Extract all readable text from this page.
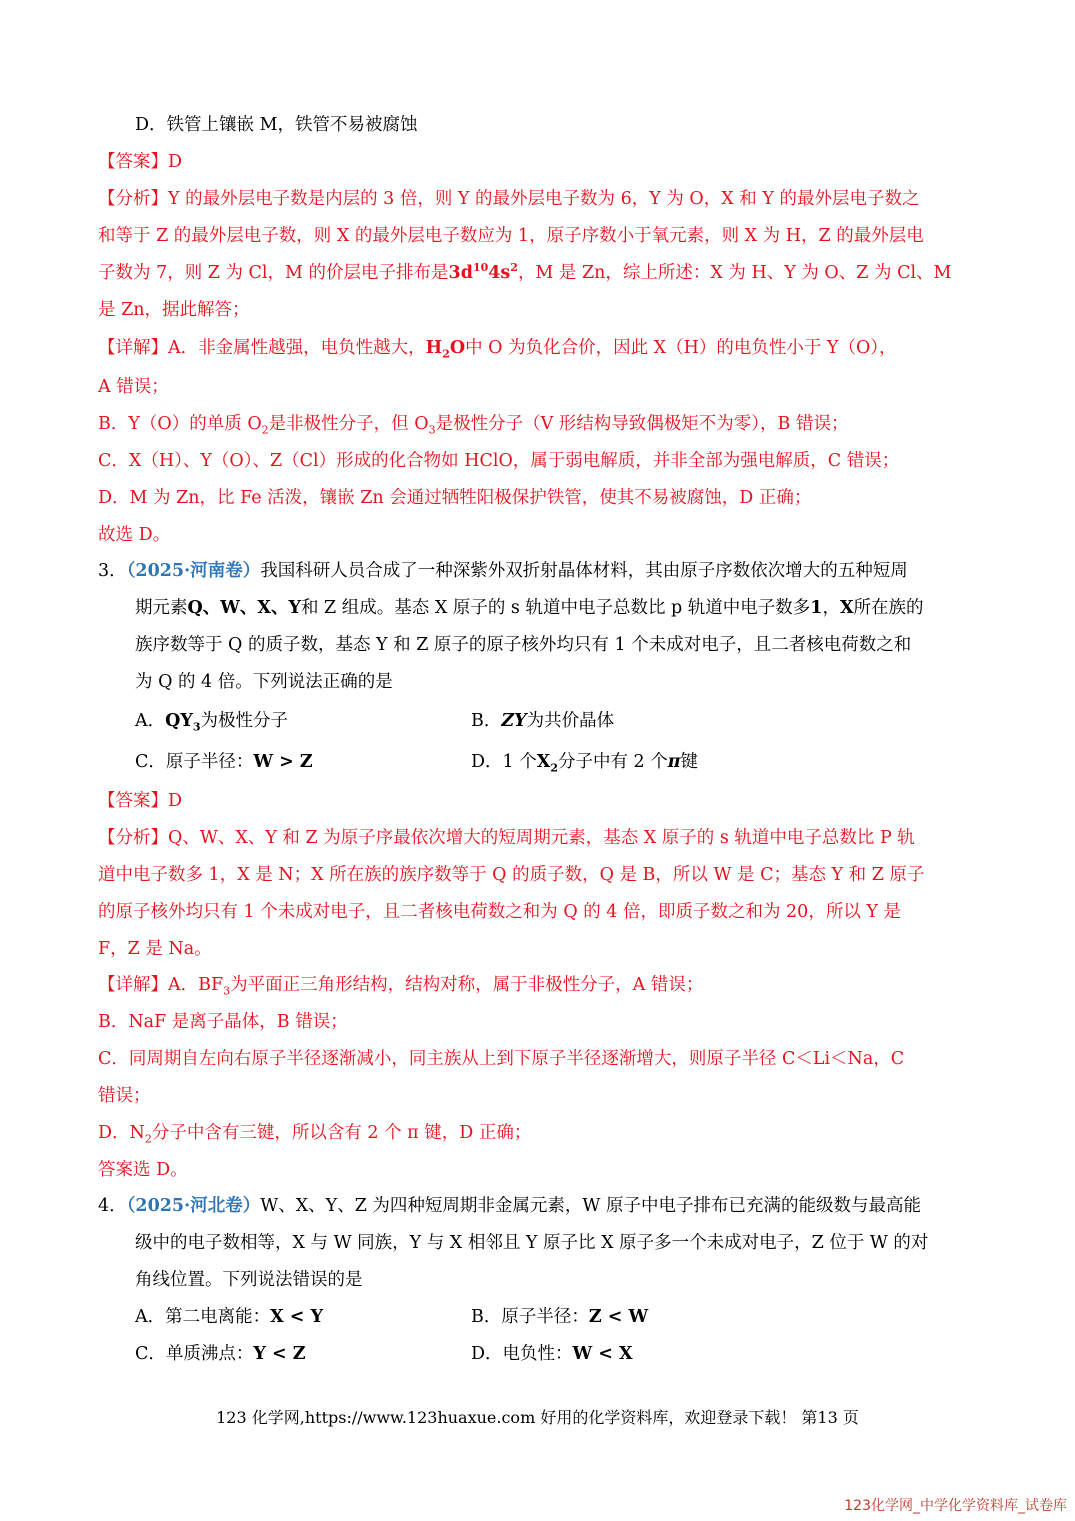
D．铁管上镶嵌 M，铁管不易被腐蚀
【答案】D
【分析】Y 的最外层电子数是内层的 3 倍，则 Y 的最外层电子数为 6，Y 为 O，X 和 Y 的最外层电子数之
和等于 Z 的最外层电子数，则 X 的最外层电子数应为 1，原子序数小于氧元素，则 X 为 H，Z 的最外层电
子数为 7，则 Z 为 Cl，M 的价层电子排布是$3d^{10}4s^2$，M 是 Zn，综上所述：X 为 H、Y 为 O、Z 为 Cl、M
是 Zn，据此解答；
【详解】A．非金属性越强，电负性越大，$H_2O$中 O 为负化合价，因此 X（H）的电负性小于 Y（O），
A 错误；
B．Y（O）的单质 $O_2$是非极性分子，但 $O_3$是极性分子（V 形结构导致偶极矩不为零），B 错误；
C．X（H）、Y（O）、Z（Cl）形成的化合物如 HClO，属于弱电解质，并非全部为强电解质，C 错误；
D．M 为 Zn，比 Fe 活泼，镶嵌 Zn 会通过牺牲阳极保护铁管，使其不易被腐蚀，D 正确；
故选 D。
3．（2025·河南卷）我国科研人员合成了一种深紫外双折射晶体材料，其由原子序数依次增大的五种短周
期元素Q、W、X、Y和 Z 组成。基态 X 原子的 s 轨道中电子总数比 p 轨道中电子数多1，X所在族的
族序数等于 Q 的质子数，基态 Y 和 Z 原子的原子核外均只有 1 个未成对电子，且二者核电荷数之和
为 Q 的 4 倍。下列说法正确的是
A．$QY_3$为极性分子	B．ZY为共价晶体
C．原子半径：W > Z	D．1 个$X_2$分子中有 2 个π键
【答案】D
【分析】Q、W、X、Y 和 Z 为原子序最依次增大的短周期元素，基态 X 原子的 s 轨道中电子总数比 P 轨
道中电子数多 1，X 是 N；X 所在族的族序数等于 Q 的质子数，Q 是 B，所以 W 是 C；基态 Y 和 Z 原子
的原子核外均只有 1 个未成对电子，且二者核电荷数之和为 Q 的 4 倍，即质子数之和为 20，所以 Y 是
F，Z 是 Na。
【详解】A．$BF_3$为平面正三角形结构，结构对称，属于非极性分子，A 错误；
B．NaF 是离子晶体，B 错误；
C．同周期自左向右原子半径逐渐减小，同主族从上到下原子半径逐渐增大，则原子半径 C＜Li＜Na，C
错误；
D．$N_2$分子中含有三键，所以含有 2 个 π 键，D 正确；
答案选 D。
4．（2025·河北卷）W、X、Y、Z 为四种短周期非金属元素，W 原子中电子排布已充满的能级数与最高能
级中的电子数相等，X 与 W 同族，Y 与 X 相邻且 Y 原子比 X 原子多一个未成对电子，Z 位于 W 的对
角线位置。下列说法错误的是
A．第二电离能：X < Y	B．原子半径：Z < W
C．单质沸点：Y < Z	D．电负性：W < X
123 化学网,https://www.123huaxue.com 好用的化学资料库，欢迎登录下载！ 第13 页
123化学网_中学化学资料库_试卷库
